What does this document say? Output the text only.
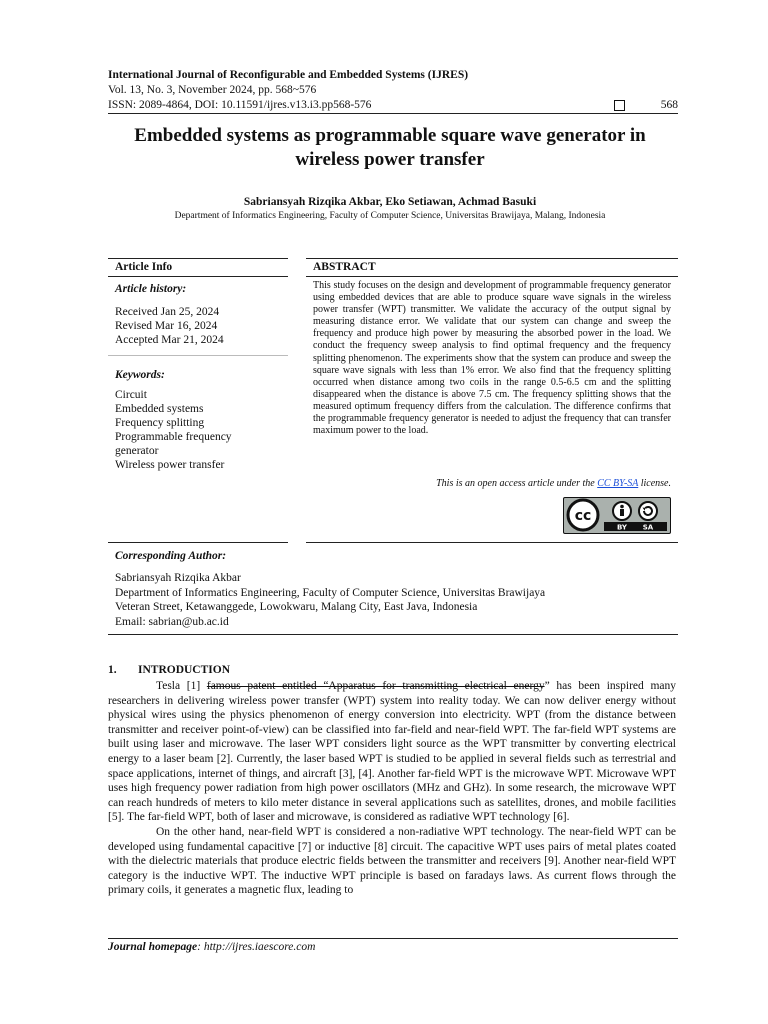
International Journal of Reconfigurable and Embedded Systems (IJRES)
Vol. 13, No. 3, November 2024, pp. 568~576
ISSN: 2089-4864, DOI: 10.11591/ijres.v13.i3.pp568-576	568
Embedded systems as programmable square wave generator in
wireless power transfer
Sabriansyah Rizqika Akbar, Eko Setiawan, Achmad Basuki
Department of Informatics Engineering, Faculty of Computer Science, Universitas Brawijaya, Malang, Indonesia
Article Info
Article history:
Received Jan 25, 2024
Revised Mar 16, 2024
Accepted Mar 21, 2024
Keywords:
Circuit
Embedded systems
Frequency splitting
Programmable frequency
generator
Wireless power transfer
ABSTRACT
This study focuses on the design and development of programmable frequency generator using embedded devices that are able to produce square wave signals in the wireless power transfer (WPT) transmitter. We validate the accuracy of the output signal by measuring distance error. We validate that our system can change and sweep the frequency and produce high power by measuring the absorbed power in the load. We conduct the frequency sweep analysis to find optimal frequency and the frequency splitting phenomenon. The experiments show that the system can produce and sweep the square wave signals with less than 1% error. We also find that the frequency splitting occurred when distance among two coils in the range 0.5-6.5 cm and the splitting disappeared when the distance is above 7.5 cm. The frequency splitting shows that the measured optimum frequency differs from the calculation. The difference confirms that the programmable frequency generator is needed to adjust the frequency that can transfer maximum power to the load.
This is an open access article under the CC BY-SA license.
cc
BY SA
Corresponding Author:
Sabriansyah Rizqika Akbar
Department of Informatics Engineering, Faculty of Computer Science, Universitas Brawijaya
Veteran Street, Ketawanggede, Lowokwaru, Malang City, East Java, Indonesia
Email: sabrian@ub.ac.id
1. INTRODUCTION

Tesla [1] famous patent entitled “Apparatus for transmitting electrical energy” has been inspired many researchers in delivering wireless power transfer (WPT) system into reality today. We can now deliver energy without physical wires using the physics phenomenon of energy conversion into electricity. WPT (from the distance between transmitter and receiver point-of-view) can be classified into far-field and near-field WPT. The far-field WPT systems are built using laser and microwave. The laser WPT considers light source as the WPT transmitter by converting electrical energy to a laser beam [2]. Currently, the laser based WPT is studied to be applied in several fields such as terrestrial and space applications, internet of things, and aircraft [3], [4]. Another far-field WPT is the microwave WPT. Microwave WPT uses high frequency power radiation from high power oscillators (MHz and GHz). In some research, the microwave WPT can reach hundreds of meters to kilo meter distance in several applications such as satellites, drones, and mobile facilities [5]. The far-field WPT, both of laser and microwave, is considered as radiative WPT technology [6].

On the other hand, near-field WPT is considered a non-radiative WPT technology. The near-field WPT can be developed using fundamental capacitive [7] or inductive [8] circuit. The capacitive WPT uses pairs of metal plates coated with the dielectric materials that produce electric fields between the transmitter and receivers [9]. Another near-field WPT category is the inductive WPT. The inductive WPT principle is based on faradays laws. As current flows through the primary coils, it generates a magnetic flux, leading to

Journal homepage: http://ijres.iaescore.com
